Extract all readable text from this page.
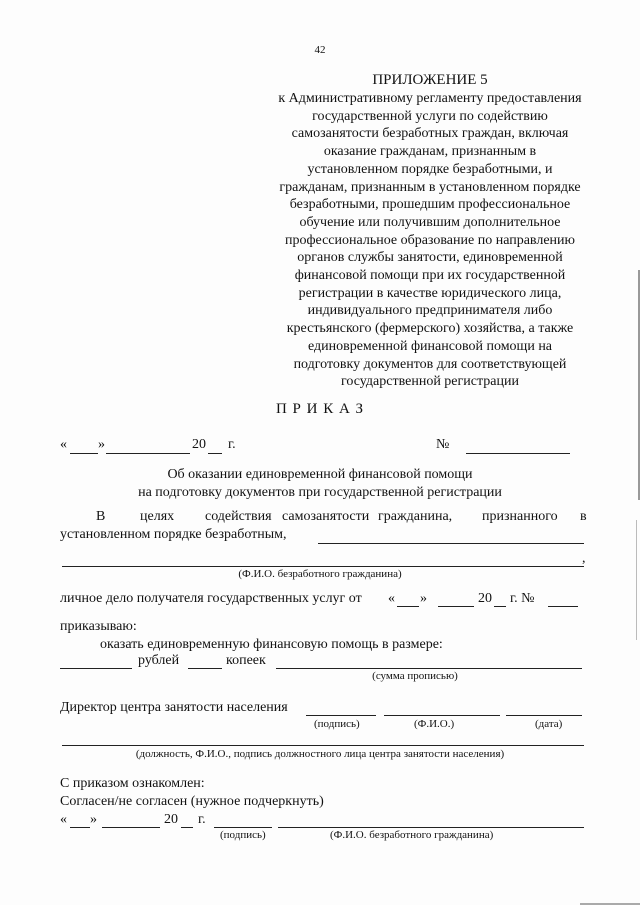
42
ПРИЛОЖЕНИЕ 5
к Административному регламенту предоставления
государственной услуги по содействию
самозанятости безработных граждан, включая
оказание гражданам, признанным в
установленном порядке безработными, и
гражданам, признанным в установленном порядке
безработными, прошедшим профессиональное
обучение или получившим дополнительное
профессиональное образование по направлению
органов службы занятости, единовременной
финансовой помощи при их государственной
регистрации в качестве юридического лица,
индивидуального предпринимателя либо
крестьянского (фермерского) хозяйства, а также
единовременной финансовой помощи на
подготовку документов для соответствующей
государственной регистрации
П Р И К А З
« »	20 г.	№
Об оказании единовременной финансовой помощи
на подготовку документов при государственной регистрации
В целях содействия самозанятости гражданина, признанного в
установленном порядке безработным,
,
(Ф.И.О. безработного гражданина)
личное дело получателя государственных услуг от « »	20 г. №
приказываю:
оказать единовременную финансовую помощь в размере:
рублей	копеек
(сумма прописью)
Директор центра занятости населения
(подпись)	(Ф.И.О.)	(дата)
(должность, Ф.И.О., подпись должностного лица центра занятости населения)
С приказом ознакомлен:
Согласен/не согласен (нужное подчеркнуть)
« »	20 г.
(подпись)	(Ф.И.О. безработного гражданина)
